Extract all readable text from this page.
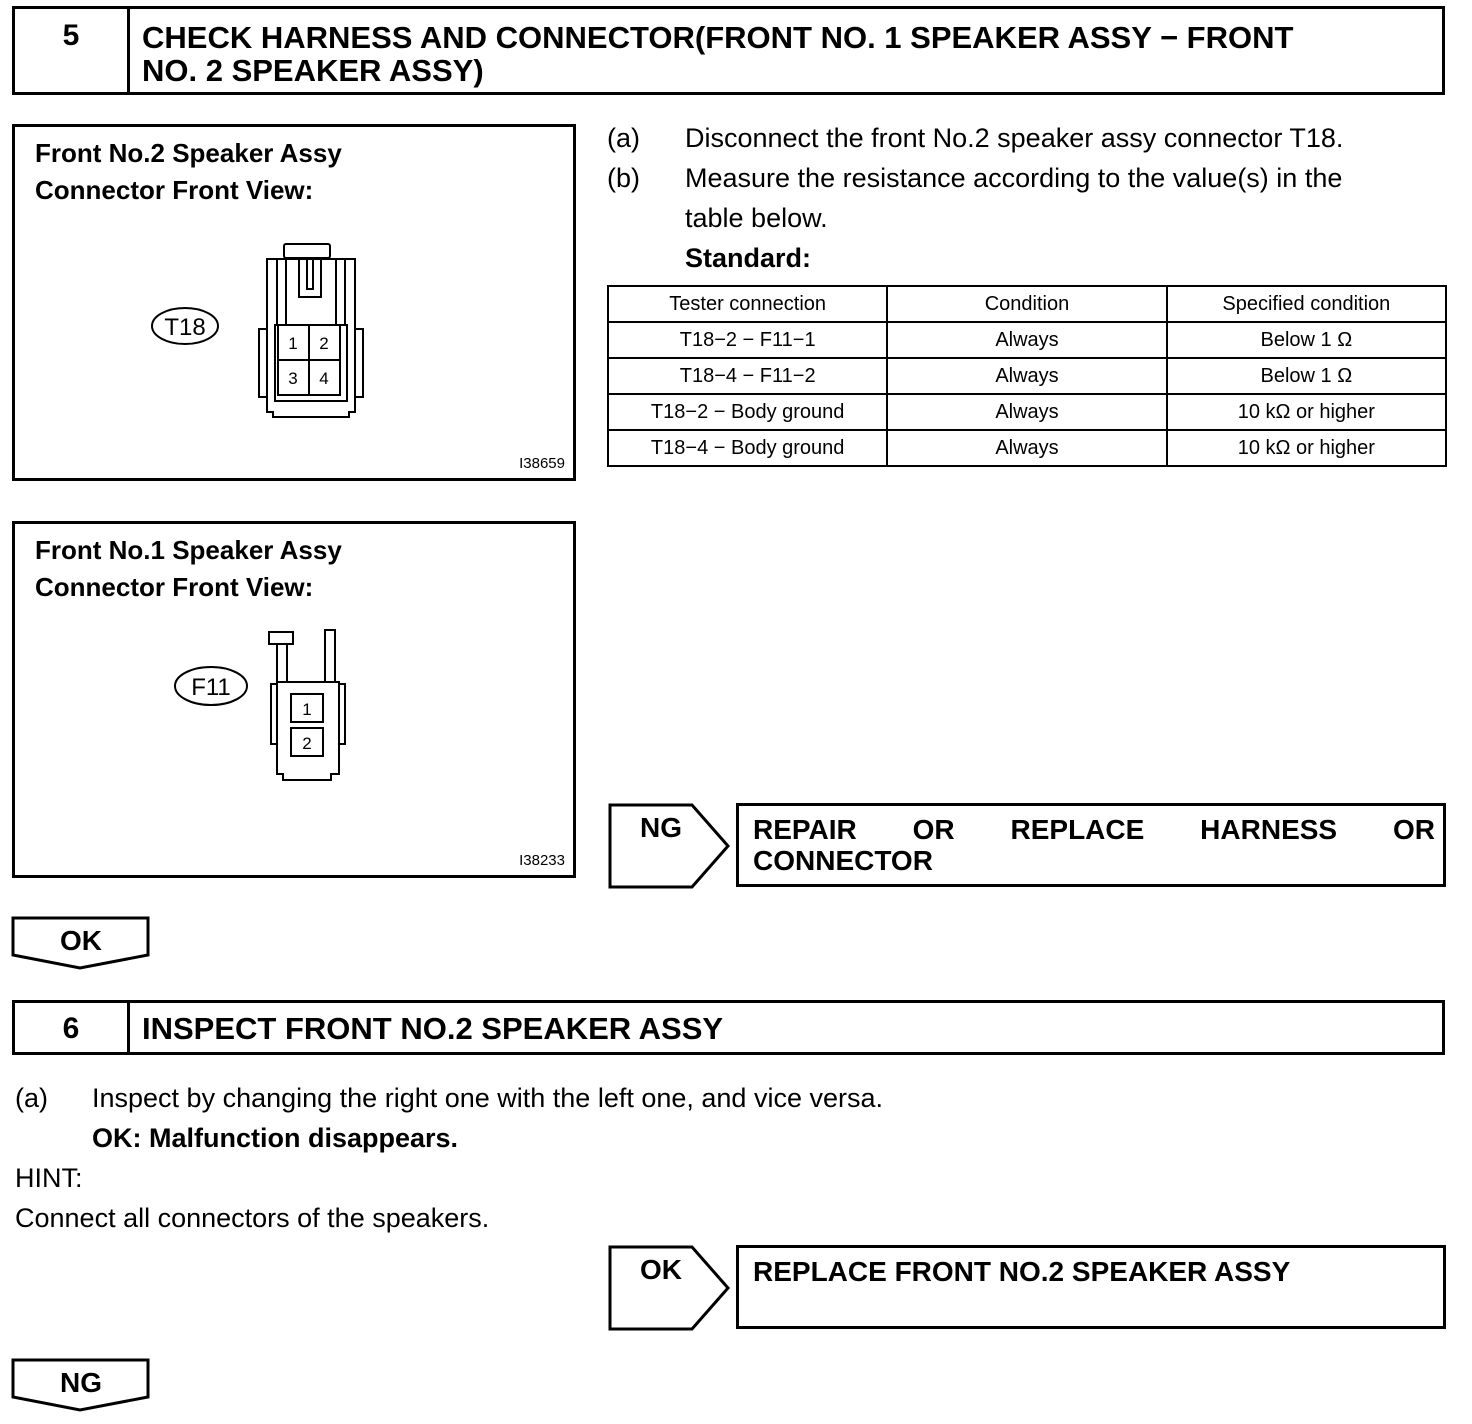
5	CHECK HARNESS AND CONNECTOR(FRONT NO. 1 SPEAKER ASSY − FRONT
NO. 2 SPEAKER ASSY)
Front No.2 Speaker Assy
Connector Front View:
1 2
3 4
T18
I38659
Front No.1 Speaker Assy
Connector Front View:
1
2
F11
I38233
(a) Disconnect the front No.2 speaker assy connector T18.
(b) Measure the resistance according to the value(s) in the
table below.
Standard:
Tester connection	Condition	Specified condition
T18−2 − F11−1	Always	Below 1 Ω
T18−4 − F11−2	Always	Below 1 Ω
T18−2 − Body ground	Always	10 kΩ or higher
T18−4 − Body ground	Always	10 kΩ or higher
NG	REPAIR OR REPLACE HARNESS OR
CONNECTOR
OK
6	INSPECT FRONT NO.2 SPEAKER ASSY
(a) Inspect by changing the right one with the left one, and vice versa.
OK: Malfunction disappears.
HINT:
Connect all connectors of the speakers.
OK	REPLACE FRONT NO.2 SPEAKER ASSY
NG
